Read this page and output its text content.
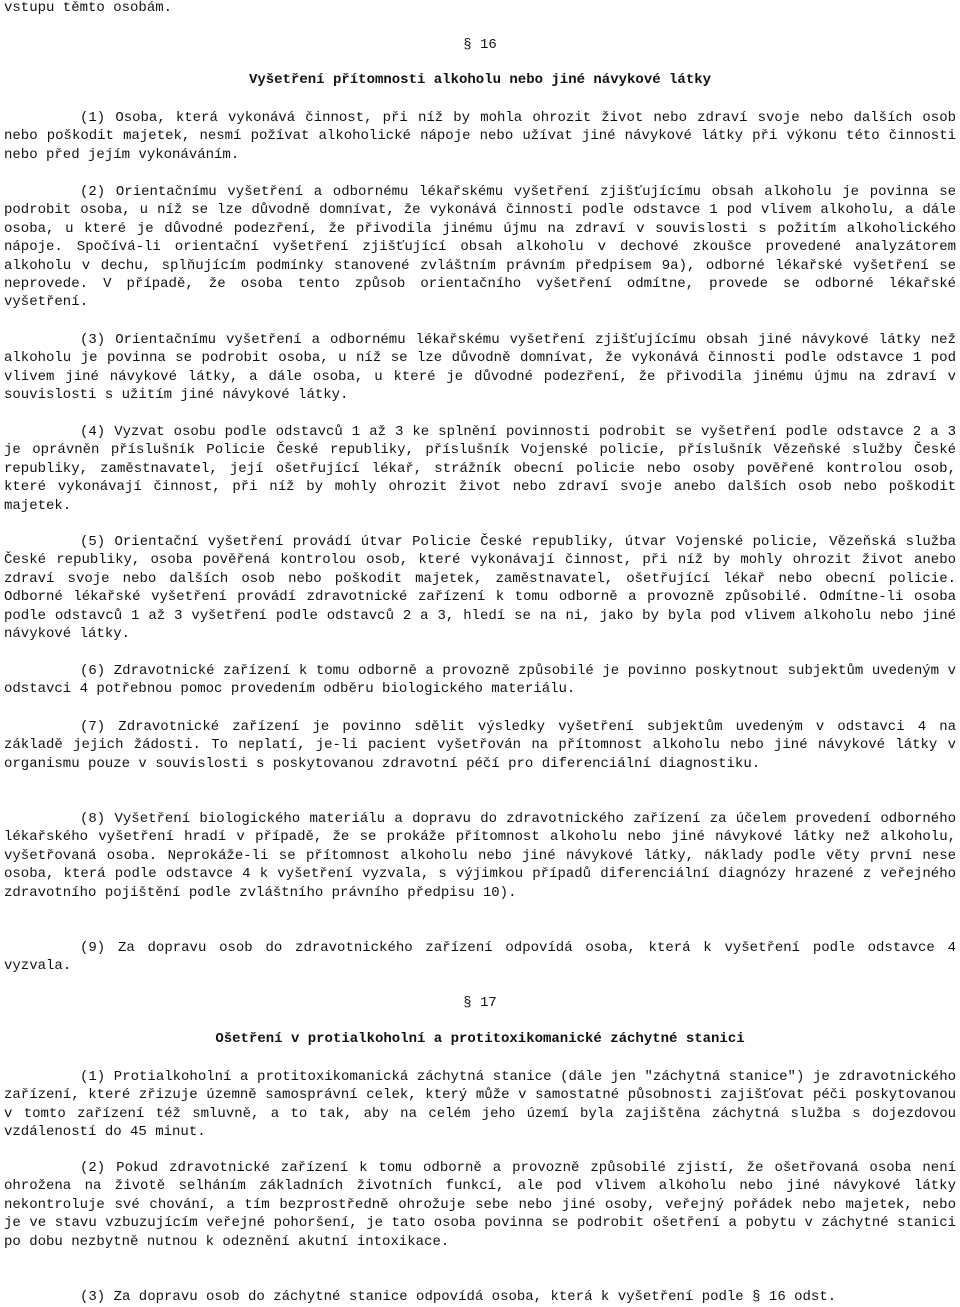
vstupu těmto osobám.
§ 16
Vyšetření přítomnosti alkoholu nebo jiné návykové látky

(1) Osoba, která vykonává činnost, při níž by mohla ohrozit život nebo zdraví svoje nebo dalších osob nebo poškodit majetek, nesmí požívat alkoholické nápoje nebo užívat jiné návykové látky při výkonu této činnosti nebo před jejím vykonáváním.

(2) Orientačnímu vyšetření a odbornému lékařskému vyšetření zjišťujícímu obsah alkoholu je povinna se podrobit osoba, u níž se lze důvodně domnívat, že vykonává činnosti podle odstavce 1 pod vlivem alkoholu, a dále osoba, u které je důvodné podezření, že přivodila jinému újmu na zdraví v souvislosti s požitím alkoholického nápoje. Spočívá-li orientační vyšetření zjišťující obsah alkoholu v dechové zkoušce provedené analyzátorem alkoholu v dechu, splňujícím podmínky stanovené zvláštním právním předpisem 9a), odborné lékařské vyšetření se neprovede. V případě, že osoba tento způsob orientačního vyšetření odmítne, provede se odborné lékařské vyšetření.

(3) Orientačnímu vyšetření a odbornému lékařskému vyšetření zjišťujícímu obsah jiné návykové látky než alkoholu je povinna se podrobit osoba, u níž se lze důvodně domnívat, že vykonává činnosti podle odstavce 1 pod vlivem jiné návykové látky, a dále osoba, u které je důvodné podezření, že přivodila jinému újmu na zdraví v souvislosti s užitím jiné návykové látky.

(4) Vyzvat osobu podle odstavců 1 až 3 ke splnění povinnosti podrobit se vyšetření podle odstavce 2 a 3 je oprávněn příslušník Policie České republiky, příslušník Vojenské policie, příslušník Vězeňské služby České republiky, zaměstnavatel, její ošetřující lékař, strážník obecní policie nebo osoby pověřené kontrolou osob, které vykonávají činnost, při níž by mohly ohrozit život nebo zdraví svoje anebo dalších osob nebo poškodit majetek.

(5) Orientační vyšetření provádí útvar Policie České republiky, útvar Vojenské policie, Vězeňská služba České republiky, osoba pověřená kontrolou osob, které vykonávají činnost, při níž by mohly ohrozit život anebo zdraví svoje nebo dalších osob nebo poškodit majetek, zaměstnavatel, ošetřující lékař nebo obecní policie. Odborné lékařské vyšetření provádí zdravotnické zařízení k tomu odborně a provozně způsobilé. Odmítne-li osoba podle odstavců 1 až 3 vyšetření podle odstavců 2 a 3, hledí se na ni, jako by byla pod vlivem alkoholu nebo jiné návykové látky.

(6) Zdravotnické zařízení k tomu odborně a provozně způsobilé je povinno poskytnout subjektům uvedeným v odstavci 4 potřebnou pomoc provedením odběru biologického materiálu.

(7) Zdravotnické zařízení je povinno sdělit výsledky vyšetření subjektům uvedeným v odstavci 4 na základě jejich žádosti. To neplatí, je-li pacient vyšetřován na přítomnost alkoholu nebo jiné návykové látky v organismu pouze v souvislosti s poskytovanou zdravotní péčí pro diferenciální diagnostiku.

(8) Vyšetření biologického materiálu a dopravu do zdravotnického zařízení za účelem provedení odborného lékařského vyšetření hradí v případě, že se prokáže přítomnost alkoholu nebo jiné návykové látky než alkoholu, vyšetřovaná osoba. Neprokáže-li se přítomnost alkoholu nebo jiné návykové látky, náklady podle věty první nese osoba, která podle odstavce 4 k vyšetření vyzvala, s výjimkou případů diferenciální diagnózy hrazené z veřejného zdravotního pojištění podle zvláštního právního předpisu 10).

(9) Za dopravu osob do zdravotnického zařízení odpovídá osoba, která k vyšetření podle odstavce 4 vyzvala.

§ 17
Ošetření v protialkoholní a protitoxikomanické záchytné stanici

(1) Protialkoholní a protitoxikomanická záchytná stanice (dále jen "záchytná stanice") je zdravotnického zařízení, které zřizuje územně samosprávní celek, který může v samostatné působnosti zajišťovat péči poskytovanou v tomto zařízení též smluvně, a to tak, aby na celém jeho území byla zajištěna záchytná služba s dojezdovou vzdáleností do 45 minut.

(2) Pokud zdravotnické zařízení k tomu odborně a provozně způsobilé zjistí, že ošetřovaná osoba není ohrožena na životě selháním základních životních funkcí, ale pod vlivem alkoholu nebo jiné návykové látky nekontroluje své chování, a tím bezprostředně ohrožuje sebe nebo jiné osoby, veřejný pořádek nebo majetek, nebo je ve stavu vzbuzujícím veřejné pohoršení, je tato osoba povinna se podrobit ošetření a pobytu v záchytné stanici po dobu nezbytně nutnou k odeznění akutní intoxikace.

(3) Za dopravu osob do záchytné stanice odpovídá osoba, která k vyšetření podle § 16 odst.
